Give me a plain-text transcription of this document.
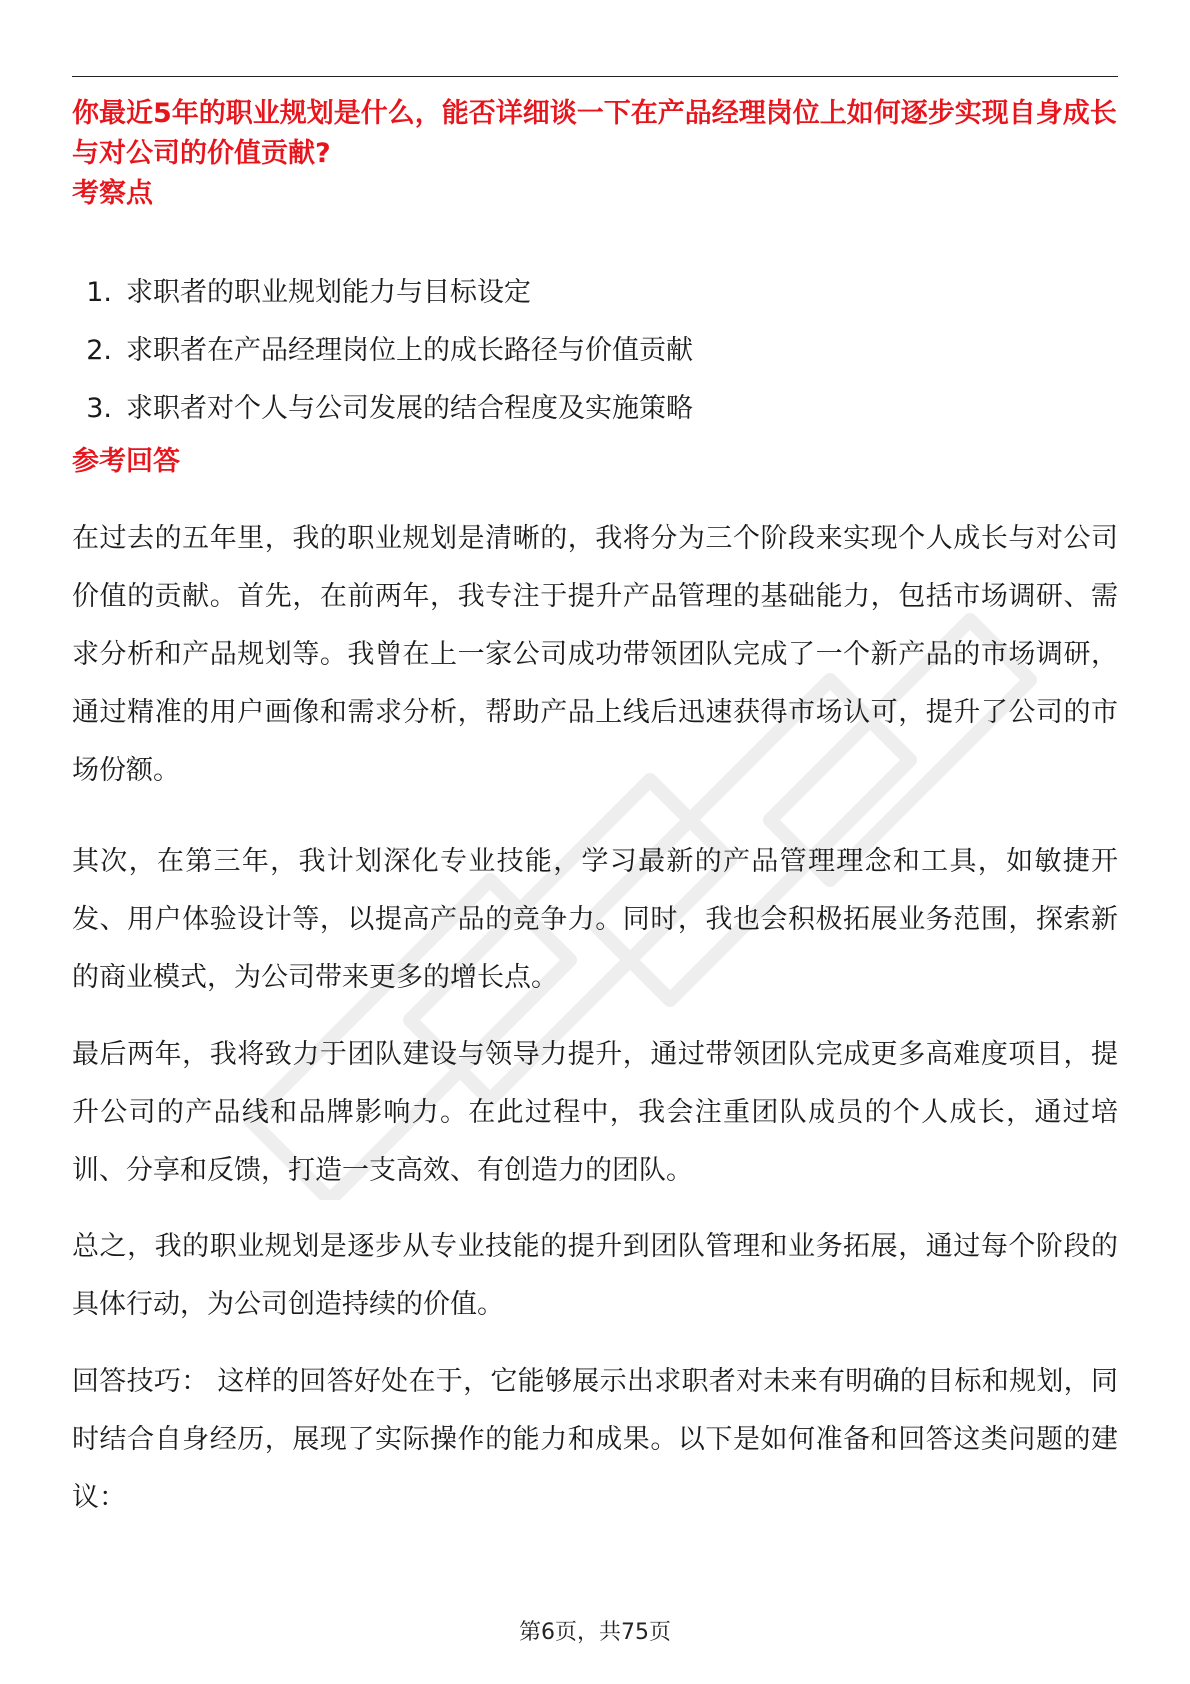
你最近5年的职业规划是什么，能否详细谈一下在产品经理岗位上如何逐步实现自身成长与对公司的价值贡献?
考察点
1. 求职者的职业规划能力与目标设定
2. 求职者在产品经理岗位上的成长路径与价值贡献
3. 求职者对个人与公司发展的结合程度及实施策略
参考回答

在过去的五年里，我的职业规划是清晰的，我将分为三个阶段来实现个人成长与对公司价值的贡献。首先，在前两年，我专注于提升产品管理的基础能力，包括市场调研、需求分析和产品规划等。我曾在上一家公司成功带领团队完成了一个新产品的市场调研，通过精准的用户画像和需求分析，帮助产品上线后迅速获得市场认可，提升了公司的市场份额。

其次，在第三年，我计划深化专业技能，学习最新的产品管理理念和工具，如敏捷开发、用户体验设计等，以提高产品的竞争力。同时，我也会积极拓展业务范围，探索新的商业模式，为公司带来更多的增长点。

最后两年，我将致力于团队建设与领导力提升，通过带领团队完成更多高难度项目，提升公司的产品线和品牌影响力。在此过程中，我会注重团队成员的个人成长，通过培训、分享和反馈，打造一支高效、有创造力的团队。

总之，我的职业规划是逐步从专业技能的提升到团队管理和业务拓展，通过每个阶段的具体行动，为公司创造持续的价值。

回答技巧： 这样的回答好处在于，它能够展示出求职者对未来有明确的目标和规划，同时结合自身经历，展现了实际操作的能力和成果。以下是如何准备和回答这类问题的建议：

第6页，共75页
